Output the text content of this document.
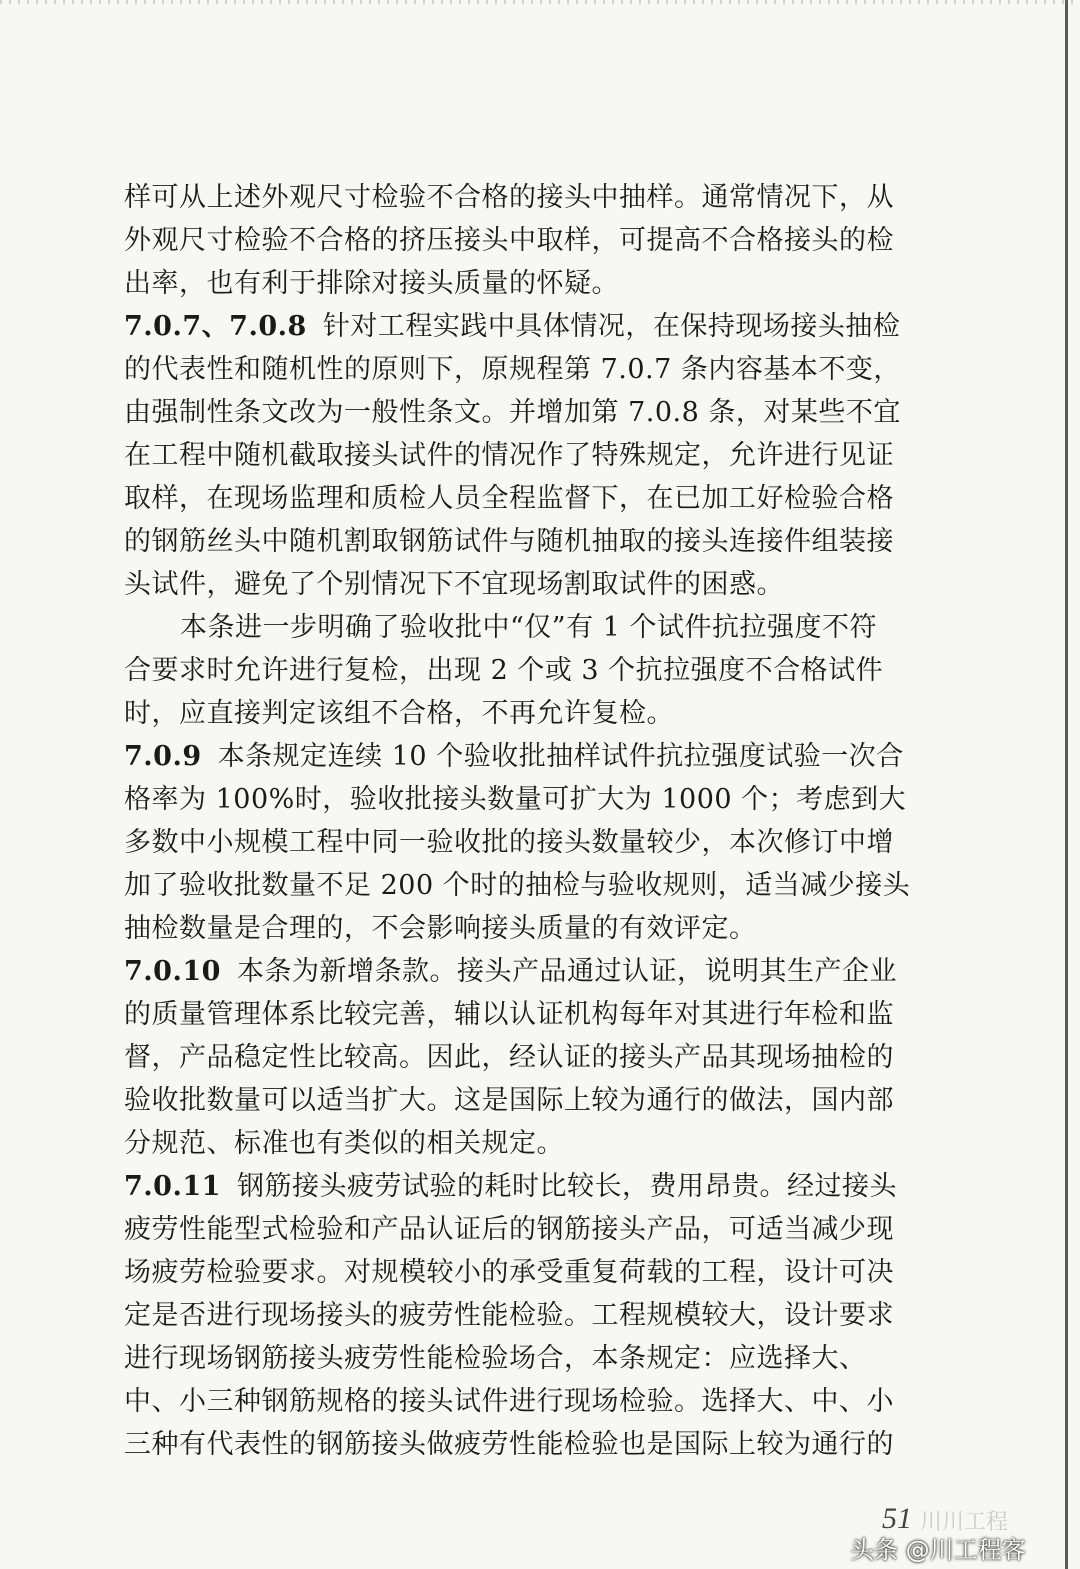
样可从上述外观尺寸检验不合格的接头中抽样。通常情况下，从
外观尺寸检验不合格的挤压接头中取样，可提高不合格接头的检
出率，也有利于排除对接头质量的怀疑。
7.0.7、7.0.8 针对工程实践中具体情况，在保持现场接头抽检
的代表性和随机性的原则下，原规程第 7.0.7 条内容基本不变，
由强制性条文改为一般性条文。并增加第 7.0.8 条，对某些不宜
在工程中随机截取接头试件的情况作了特殊规定，允许进行见证
取样，在现场监理和质检人员全程监督下，在已加工好检验合格
的钢筋丝头中随机割取钢筋试件与随机抽取的接头连接件组装接
头试件，避免了个别情况下不宜现场割取试件的困惑。
本条进一步明确了验收批中“仅”有 1 个试件抗拉强度不符
合要求时允许进行复检，出现 2 个或 3 个抗拉强度不合格试件
时，应直接判定该组不合格，不再允许复检。
7.0.9 本条规定连续 10 个验收批抽样试件抗拉强度试验一次合
格率为 100%时，验收批接头数量可扩大为 1000 个；考虑到大
多数中小规模工程中同一验收批的接头数量较少，本次修订中增
加了验收批数量不足 200 个时的抽检与验收规则，适当减少接头
抽检数量是合理的，不会影响接头质量的有效评定。
7.0.10 本条为新增条款。接头产品通过认证，说明其生产企业
的质量管理体系比较完善，辅以认证机构每年对其进行年检和监
督，产品稳定性比较高。因此，经认证的接头产品其现场抽检的
验收批数量可以适当扩大。这是国际上较为通行的做法，国内部
分规范、标准也有类似的相关规定。
7.0.11 钢筋接头疲劳试验的耗时比较长，费用昂贵。经过接头
疲劳性能型式检验和产品认证后的钢筋接头产品，可适当减少现
场疲劳检验要求。对规模较小的承受重复荷载的工程，设计可决
定是否进行现场接头的疲劳性能检验。工程规模较大，设计要求
进行现场钢筋接头疲劳性能检验场合，本条规定：应选择大、
中、小三种钢筋规格的接头试件进行现场检验。选择大、中、小
三种有代表性的钢筋接头做疲劳性能检验也是国际上较为通行的
川川工程
51
头条 @川工程客
